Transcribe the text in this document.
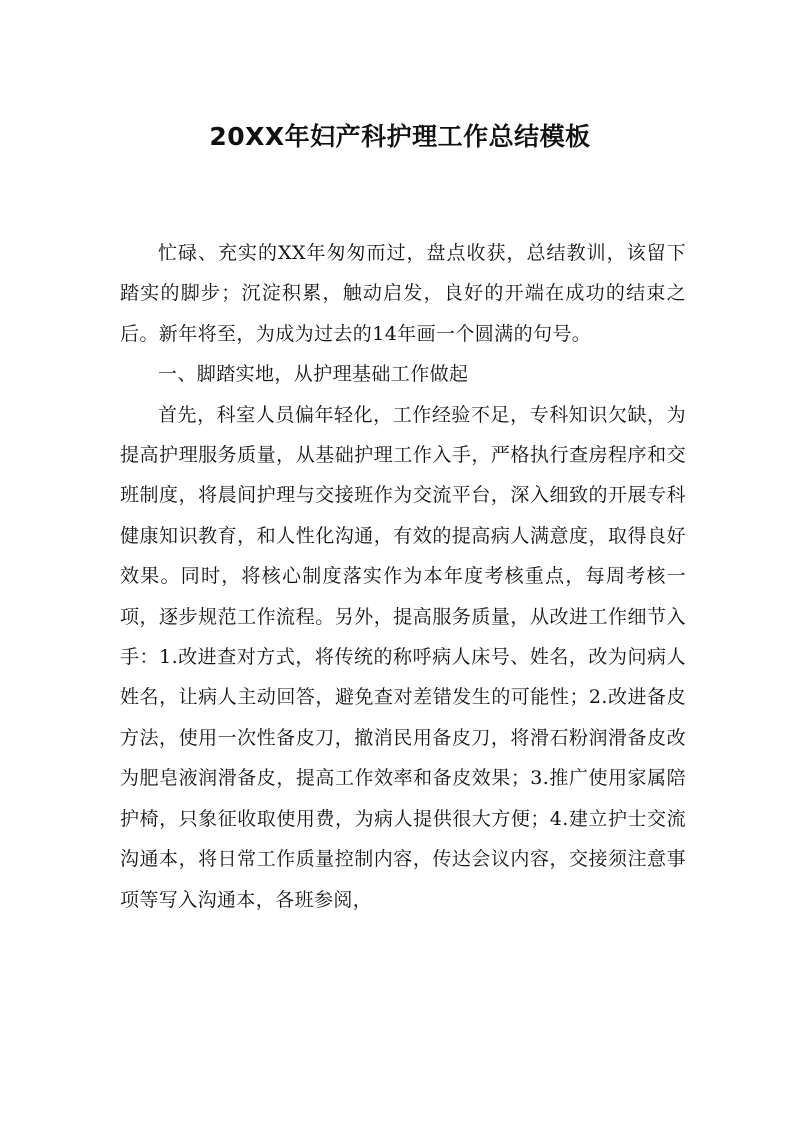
20XX年妇产科护理工作总结模板

忙碌、充实的XX年匆匆而过，盘点收获，总结教训，该留下踏实的脚步；沉淀积累，触动启发，良好的开端在成功的结束之后。新年将至，为成为过去的14年画一个圆满的句号。

一、脚踏实地，从护理基础工作做起

首先，科室人员偏年轻化，工作经验不足，专科知识欠缺，为提高护理服务质量，从基础护理工作入手，严格执行查房程序和交班制度，将晨间护理与交接班作为交流平台，深入细致的开展专科健康知识教育，和人性化沟通，有效的提高病人满意度，取得良好效果。同时，将核心制度落实作为本年度考核重点，每周考核一项，逐步规范工作流程。另外，提高服务质量，从改进工作细节入手：1.改进查对方式，将传统的称呼病人床号、姓名，改为问病人姓名，让病人主动回答，避免查对差错发生的可能性；2.改进备皮方法，使用一次性备皮刀，撤消民用备皮刀，将滑石粉润滑备皮改为肥皂液润滑备皮，提高工作效率和备皮效果；3.推广使用家属陪护椅，只象征收取使用费，为病人提供很大方便；4.建立护士交流沟通本，将日常工作质量控制内容，传达会议内容，交接须注意事项等写入沟通本，各班参阅，
